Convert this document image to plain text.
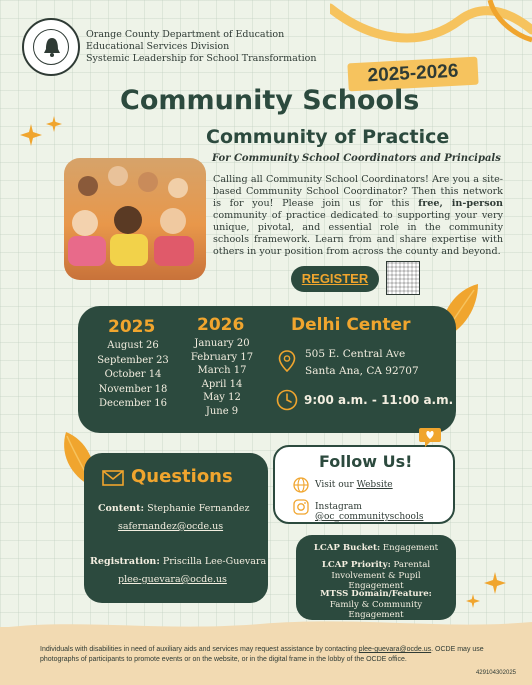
Orange County Department of Education
Educational Services Division
Systemic Leadership for School Transformation
2025-2026
Community Schools
Community of Practice
For Community School Coordinators and Principals
Calling all Community School Coordinators! Are you a site-based Community School Coordinator? Then this network is for you! Please join us for this free, in-person community of practice dedicated to supporting your very unique, pivotal, and essential role in the community schools framework. Learn from and share expertise with others in your position from across the county and beyond.
REGISTER
2025
August 26
September 23
October 14
November 18
December 16
2026
January 20
February 17
March 17
April 14
May 12
June 9
Delhi Center
505 E. Central Ave
Santa Ana, CA 92707
9:00 a.m. - 11:00 a.m.
Questions
Content: Stephanie Fernandez
safernandez@ocde.us
Registration: Priscilla Lee-Guevara
plee-guevara@ocde.us
Follow Us!
Visit our Website
Instagram @oc_communityschools
LCAP Bucket: Engagement
LCAP Priority: Parental Involvement & Pupil Engagement
MTSS Domain/Feature: Family & Community Engagement
Individuals with disabilities in need of auxiliary aids and services may request assistance by contacting plee-guevara@ocde.us. OCDE may use photographs of participants to promote events or on the website, or in the digital frame in the lobby of the OCDE office.
429104302025
